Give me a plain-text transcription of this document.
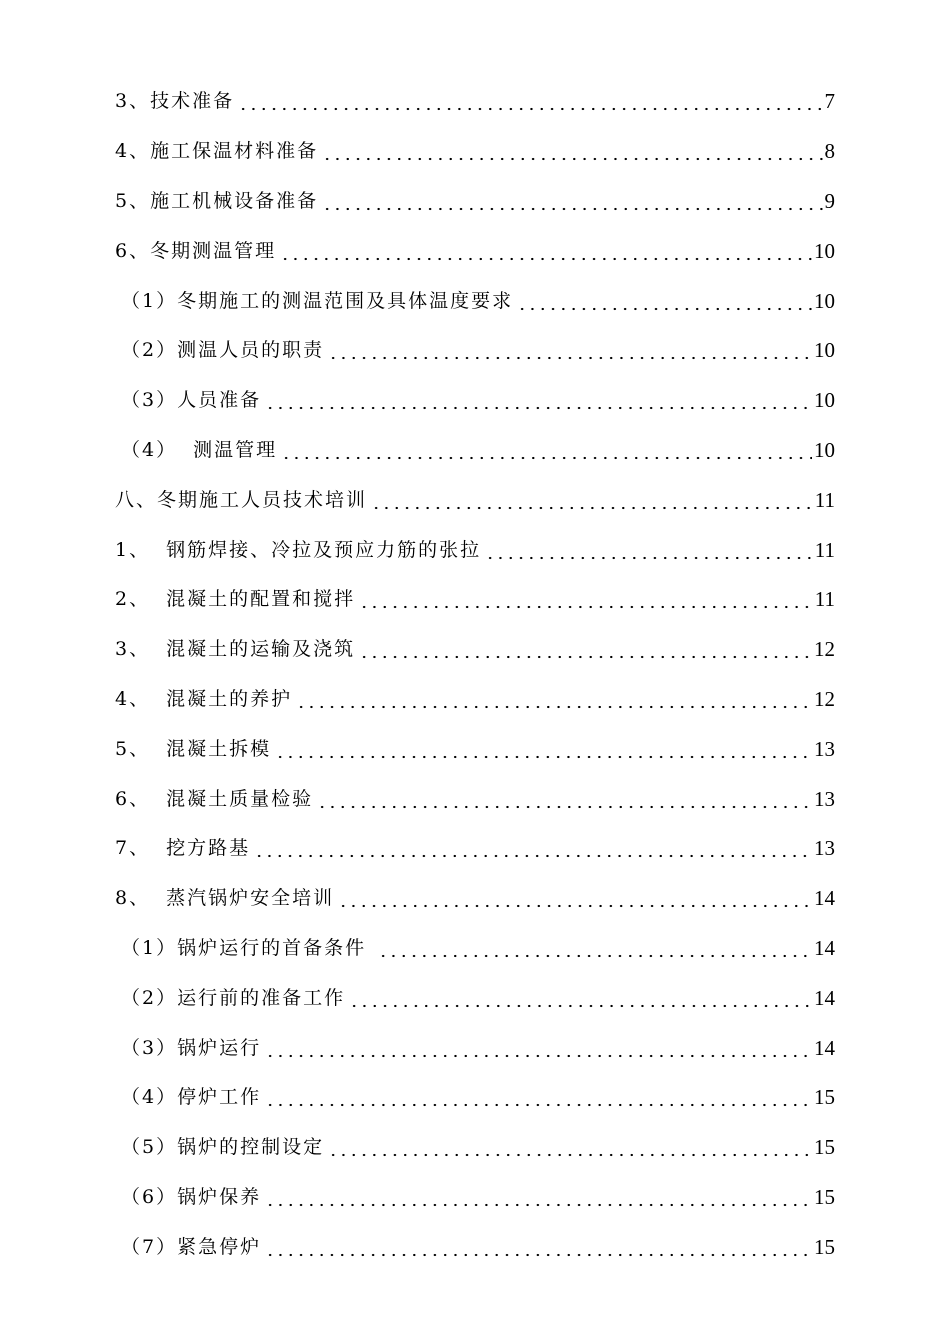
3、技术准备	7
4、施工保温材料准备	8
5、施工机械设备准备	9
6、冬期测温管理	10
（1）冬期施工的测温范围及具体温度要求	10
（2）测温人员的职责	10
（3）人员准备	10
（4）  测温管理	10
八、冬期施工人员技术培训	11
1、  钢筋焊接、冷拉及预应力筋的张拉	11
2、  混凝土的配置和搅拌	11
3、  混凝土的运输及浇筑	12
4、  混凝土的养护	12
5、  混凝土拆模	13
6、  混凝土质量检验	13
7、  挖方路基	13
8、  蒸汽锅炉安全培训	14
（1）锅炉运行的首备条件	14
（2）运行前的准备工作	14
（3）锅炉运行	14
（4）停炉工作	15
（5）锅炉的控制设定	15
（6）锅炉保养	15
（7）紧急停炉	15
